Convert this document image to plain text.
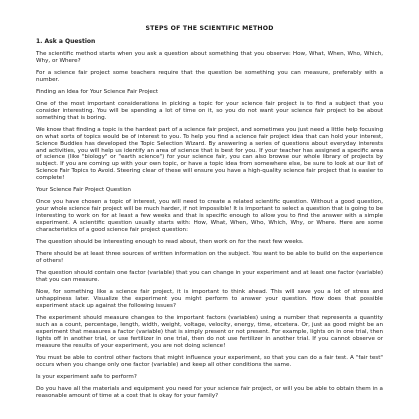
STEPS OF THE SCIENTIFIC METHOD
1. Ask a Question

The scientific method starts when you ask a question about something that you observe: How, What, When, Who, Which, Why, or Where?

For a science fair project some teachers require that the question be something you can measure, preferably with a number.

Finding an Idea for Your Science Fair Project

One of the most important considerations in picking a topic for your science fair project is to find a subject that you consider interesting. You will be spending a lot of time on it, so you do not want your science fair project to be about something that is boring.

We know that finding a topic is the hardest part of a science fair project, and sometimes you just need a little help focusing on what sorts of topics would be of interest to you. To help you find a science fair project idea that can hold your interest, Science Buddies has developed the Topic Selection Wizard. By answering a series of questions about everyday interests and activities, you will help us identify an area of science that is best for you. If your teacher has assigned a specific area of science (like "biology" or "earth science") for your science fair, you can also browse our whole library of projects by subject. If you are coming up with your own topic, or have a topic idea from somewhere else, be sure to look at our list of Science Fair Topics to Avoid. Steering clear of these will ensure you have a high-quality science fair project that is easier to complete!

Your Science Fair Project Question

Once you have chosen a topic of interest, you will need to create a related scientific question. Without a good question, your whole science fair project will be much harder, if not impossible! It is important to select a question that is going to be interesting to work on for at least a few weeks and that is specific enough to allow you to find the answer with a simple experiment. A scientific question usually starts with: How, What, When, Who, Which, Why, or Where. Here are some characteristics of a good science fair project question:

The question should be interesting enough to read about, then work on for the next few weeks.

There should be at least three sources of written information on the subject. You want to be able to build on the experience of others!

The question should contain one factor (variable) that you can change in your experiment and at least one factor (variable) that you can measure.

Now, for something like a science fair project, it is important to think ahead. This will save you a lot of stress and unhappiness later. Visualize the experiment you might perform to answer your question. How does that possible experiment stack up against the following issues?

The experiment should measure changes to the important factors (variables) using a number that represents a quantity such as a count, percentage, length, width, weight, voltage, velocity, energy, time, etcetera. Or, just as good might be an experiment that measures a factor (variable) that is simply present or not present. For example, lights on in one trial, then lights off in another trial, or use fertilizer in one trial, then do not use fertilizer in another trial. If you cannot observe or measure the results of your experiment, you are not doing science!

You must be able to control other factors that might influence your experiment, so that you can do a fair test. A "fair test" occurs when you change only one factor (variable) and keep all other conditions the same.

Is your experiment safe to perform?

Do you have all the materials and equipment you need for your science fair project, or will you be able to obtain them in a reasonable amount of time at a cost that is okay for your family?
